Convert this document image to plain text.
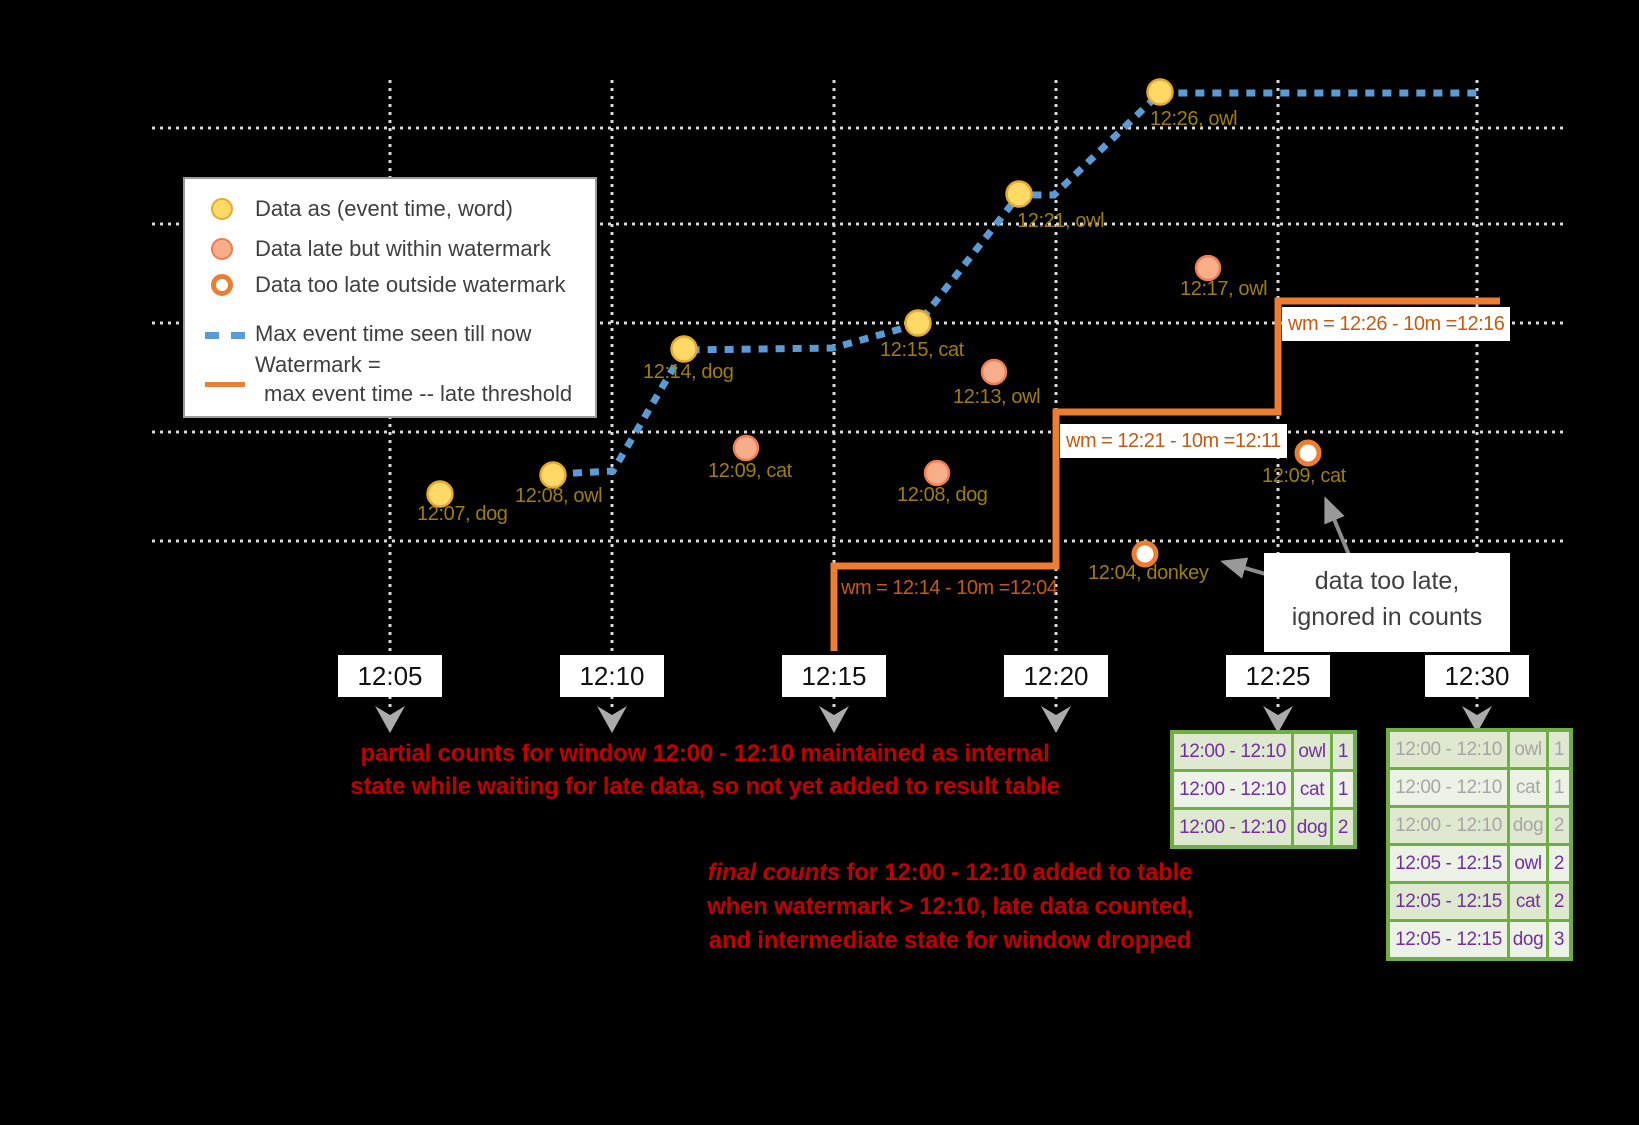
Data as (event time, word)
Data late but within watermark
Data too late outside watermark
Max event time seen till now
Watermark =
max event time -- late threshold
12:05	12:10	12:15	12:20	12:25	12:30
wm = 12:14 - 10m =12:04
wm = 12:21 - 10m =12:11
wm = 12:26 - 10m =12:16
data too late,
ignored in counts
partial counts for window 12:00 - 12:10 maintained as internal
state while waiting for late data, so not yet added to result table
final counts for 12:00 - 12:10 added to table
when watermark > 12:10, late data counted,
and intermediate state for window dropped
12:00 - 12:10 owl 1
12:00 - 12:10 cat 1
12:00 - 12:10 dog 2
12:00 - 12:10 owl 1
12:00 - 12:10 cat 1
12:00 - 12:10 dog 2
12:05 - 12:15 owl 2
12:05 - 12:15 cat 2
12:05 - 12:15 dog 3
12:07, dog
12:08, owl
12:09, cat
12:14, dog
12:15, cat
12:13, owl
12:08, dog
12:21, owl
12:26, owl
12:17, owl
12:04, donkey
12:09, cat
